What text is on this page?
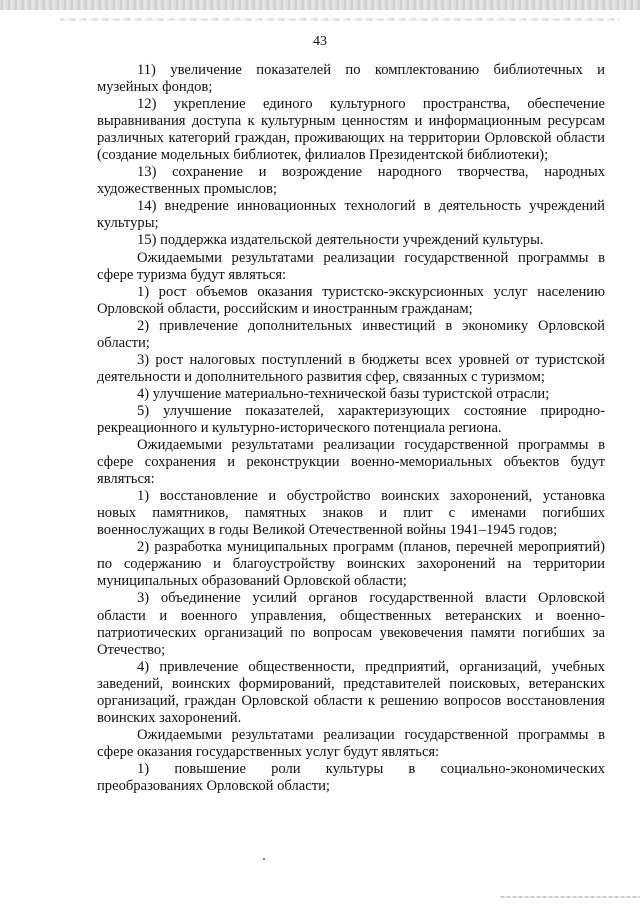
43

11) увеличение показателей по комплектованию библиотечных и музейных фондов;

12) укрепление единого культурного пространства, обеспечение выравнивания доступа к культурным ценностям и информационным ресурсам различных категорий граждан, проживающих на территории Орловской области (создание модельных библиотек, филиалов Президентской библиотеки);

13) сохранение и возрождение народного творчества, народных художественных промыслов;

14) внедрение инновационных технологий в деятельность учреждений культуры;

15) поддержка издательской деятельности учреждений культуры.

Ожидаемыми результатами реализации государственной программы в сфере туризма будут являться:

1) рост объемов оказания туристско-экскурсионных услуг населению Орловской области, российским и иностранным гражданам;

2) привлечение дополнительных инвестиций в экономику Орловской области;

3) рост налоговых поступлений в бюджеты всех уровней от туристской деятельности и дополнительного развития сфер, связанных с туризмом;

4) улучшение материально-технической базы туристской отрасли;

5) улучшение показателей, характеризующих состояние природно-рекреационного и культурно-исторического потенциала региона.

Ожидаемыми результатами реализации государственной программы в сфере сохранения и реконструкции военно-мемориальных объектов будут являться:

1) восстановление и обустройство воинских захоронений, установка новых памятников, памятных знаков и плит с именами погибших военнослужащих в годы Великой Отечественной войны 1941–1945 годов;

2) разработка муниципальных программ (планов, перечней мероприятий) по содержанию и благоустройству воинских захоронений на территории муниципальных образований Орловской области;

3) объединение усилий органов государственной власти Орловской области и военного управления, общественных ветеранских и военно-патриотических организаций по вопросам увековечения памяти погибших за Отечество;

4) привлечение общественности, предприятий, организаций, учебных заведений, воинских формирований, представителей поисковых, ветеранских организаций, граждан Орловской области к решению вопросов восстановления воинских захоронений.

Ожидаемыми результатами реализации государственной программы в сфере оказания государственных услуг будут являться:

1) повышение роли культуры в социально-экономических преобразованиях Орловской области;
